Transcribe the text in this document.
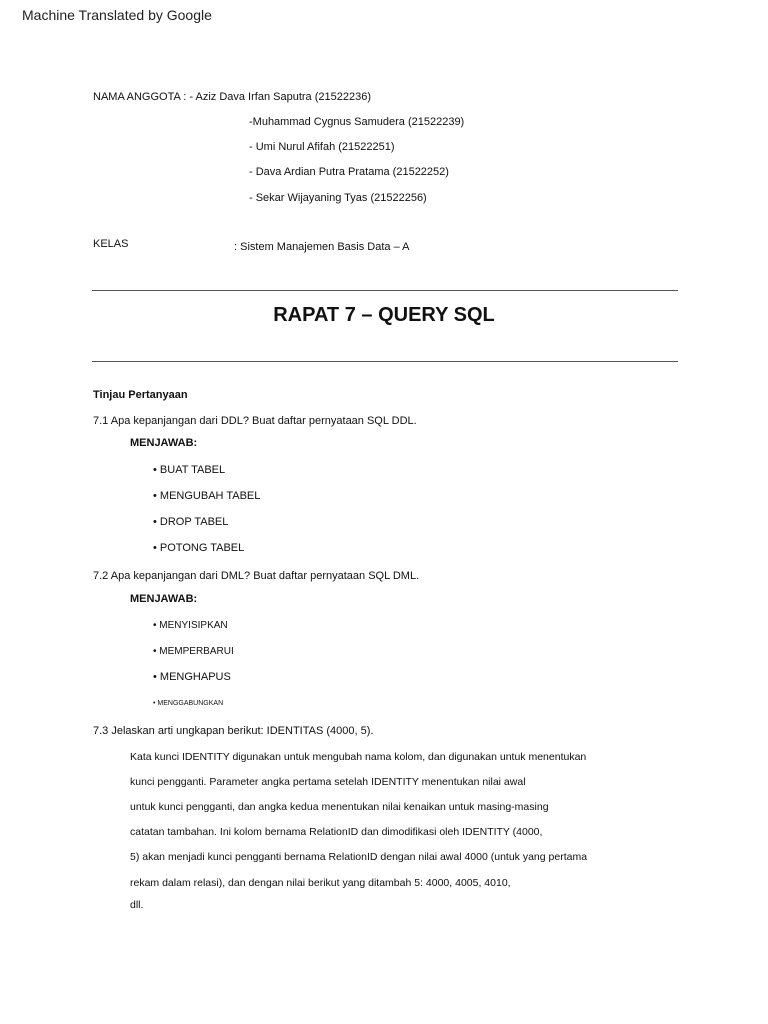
Machine Translated by Google
NAMA ANGGOTA : - Aziz Dava Irfan Saputra (21522236)
-Muhammad Cygnus Samudera (21522239)
- Umi Nurul Afifah (21522251)
- Dava Ardian Putra Pratama (21522252)
- Sekar Wijayaning Tyas (21522256)
KELAS	: Sistem Manajemen Basis Data – A
RAPAT 7 – QUERY SQL
Tinjau Pertanyaan
7.1 Apa kepanjangan dari DDL? Buat daftar pernyataan SQL DDL.
MENJAWAB:
• BUAT TABEL
• MENGUBAH TABEL
• DROP TABEL
• POTONG TABEL
7.2 Apa kepanjangan dari DML? Buat daftar pernyataan SQL DML.
MENJAWAB:
• MENYISIPKAN
• MEMPERBARUI
• MENGHAPUS
• MENGGABUNGKAN
7.3 Jelaskan arti ungkapan berikut: IDENTITAS (4000, 5).
Kata kunci IDENTITY digunakan untuk mengubah nama kolom, dan digunakan untuk menentukan
kunci pengganti. Parameter angka pertama setelah IDENTITY menentukan nilai awal
untuk kunci pengganti, dan angka kedua menentukan nilai kenaikan untuk masing-masing
catatan tambahan. Ini kolom bernama RelationID dan dimodifikasi oleh IDENTITY (4000,
5) akan menjadi kunci pengganti bernama RelationID dengan nilai awal 4000 (untuk yang pertama
rekam dalam relasi), dan dengan nilai berikut yang ditambah 5: 4000, 4005, 4010,
dll.
